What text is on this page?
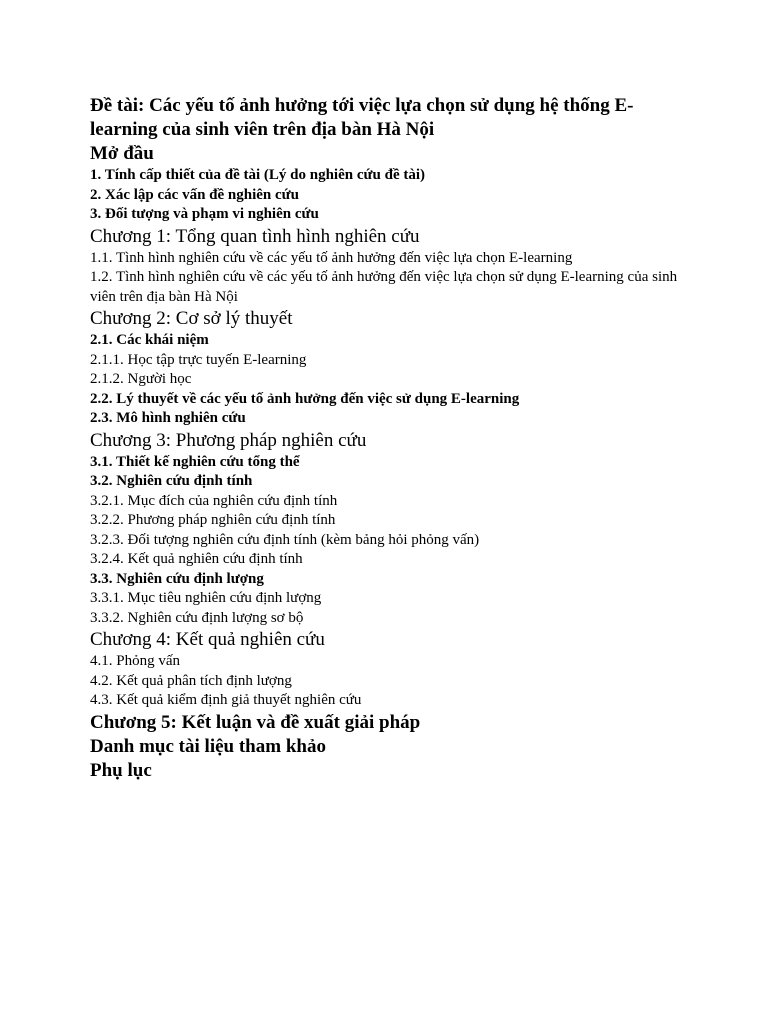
Đề tài: Các yếu tố ảnh hưởng tới việc lựa chọn sử dụng hệ thống E-learning của sinh viên trên địa bàn Hà Nội

Mở đầu

1. Tính cấp thiết của đề tài (Lý do nghiên cứu đề tài)

2. Xác lập các vấn đề nghiên cứu

3. Đối tượng và phạm vi nghiên cứu

Chương 1: Tổng quan tình hình nghiên cứu

1.1. Tình hình nghiên cứu về các yếu tố ảnh hưởng đến việc lựa chọn E-learning

1.2. Tình hình nghiên cứu về các yếu tố ảnh hưởng đến việc lựa chọn sử dụng E-learning của sinh viên trên địa bàn Hà Nội

Chương 2: Cơ sở lý thuyết

2.1. Các khái niệm

2.1.1. Học tập trực tuyến E-learning

2.1.2. Người học

2.2. Lý thuyết về các yếu tố ảnh hưởng đến việc sử dụng E-learning

2.3. Mô hình nghiên cứu

Chương 3: Phương pháp nghiên cứu

3.1. Thiết kế nghiên cứu tổng thể

3.2. Nghiên cứu định tính

3.2.1. Mục đích của nghiên cứu định tính

3.2.2. Phương pháp nghiên cứu định tính

3.2.3. Đối tượng nghiên cứu định tính (kèm bảng hỏi phỏng vấn)

3.2.4. Kết quả nghiên cứu định tính

3.3. Nghiên cứu định lượng

3.3.1. Mục tiêu nghiên cứu định lượng

3.3.2. Nghiên cứu định lượng sơ bộ

Chương 4: Kết quả nghiên cứu

4.1. Phỏng vấn

4.2. Kết quả phân tích định lượng

4.3. Kết quả kiểm định giả thuyết nghiên cứu

Chương 5: Kết luận và đề xuất giải pháp

Danh mục tài liệu tham khảo

Phụ lục
